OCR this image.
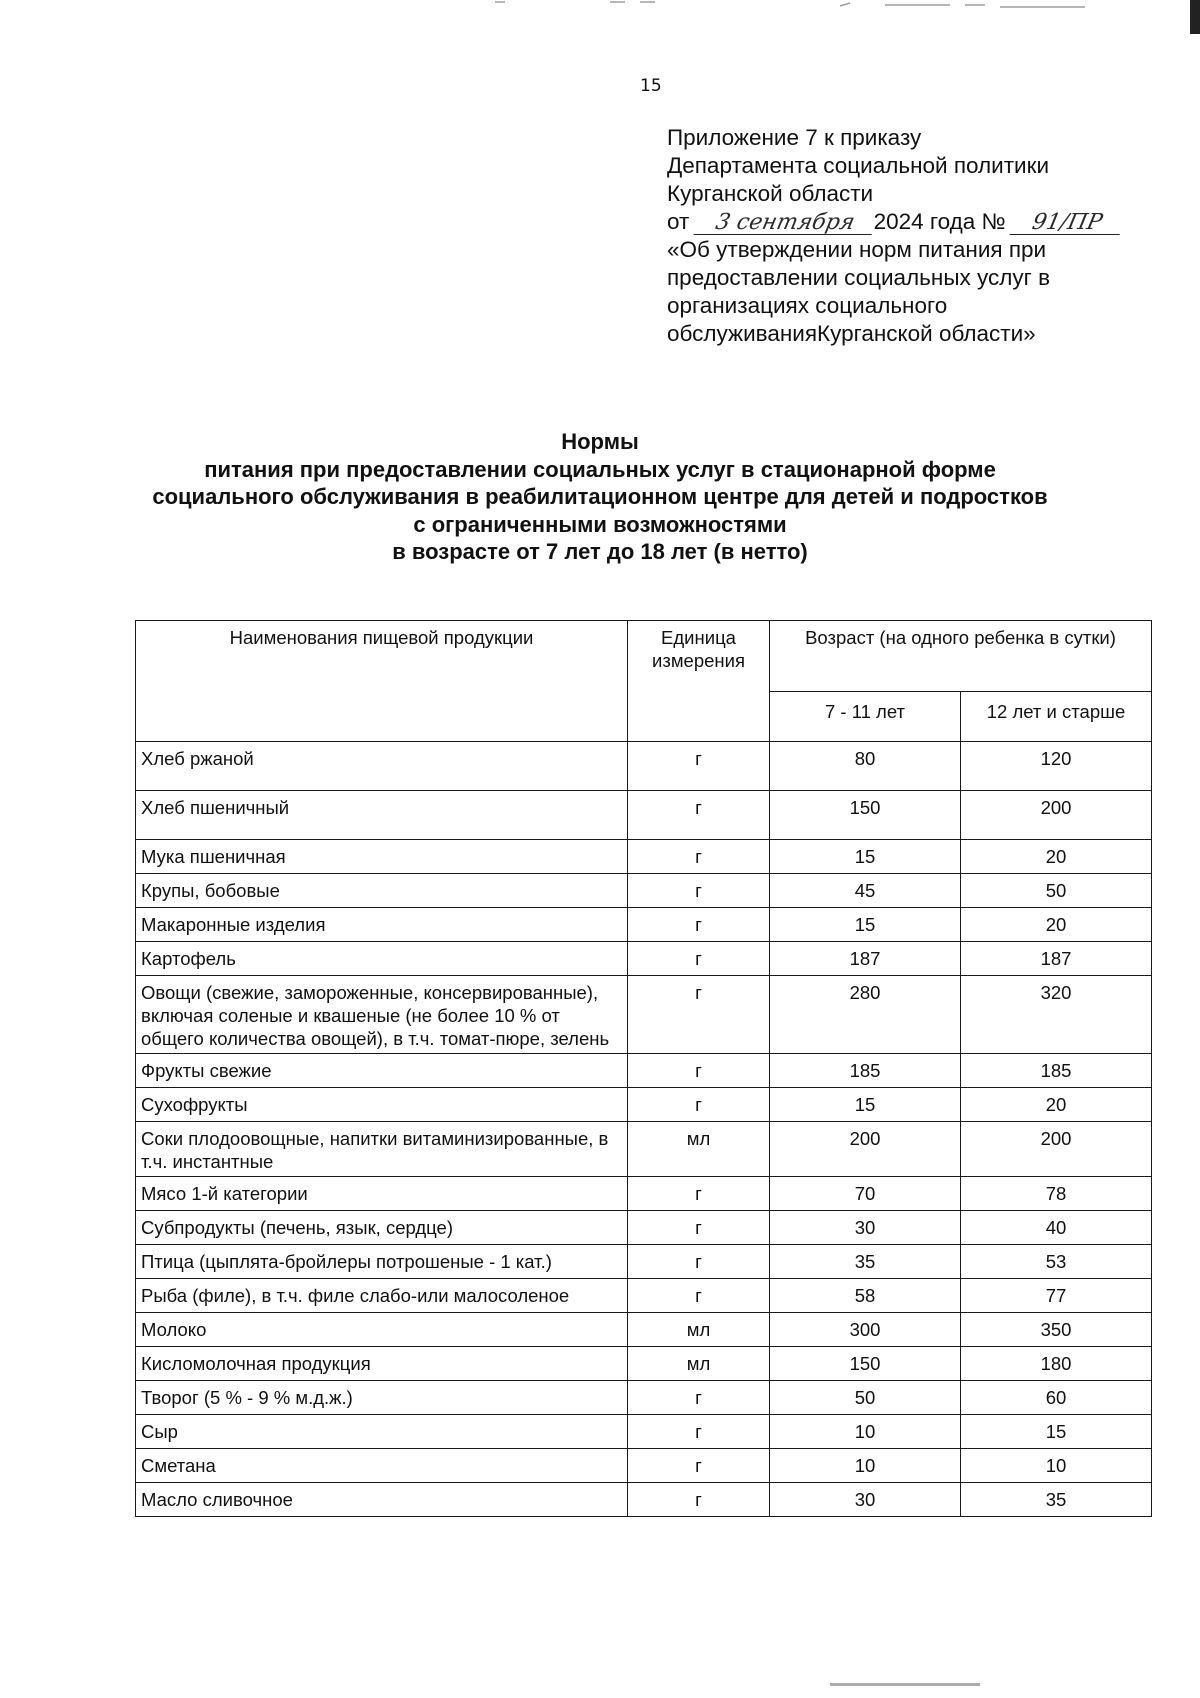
15
Приложение 7 к приказу
Департамента социальной политики
Курганской области
от 3 сентября 2024 года № 91/ПР
«Об утверждении норм питания при
предоставлении социальных услуг в
организациях социального
обслуживанияКурганской области»
Нормы
питания при предоставлении социальных услуг в стационарной форме
социального обслуживания в реабилитационном центре для детей и подростков
с ограниченными возможностями
в возрасте от 7 лет до 18 лет (в нетто)
Наименования пищевой продукции	Единица измерения	Возраст (на одного ребенка в сутки)	
		7 - 11 лет	12 лет и старше
Хлеб ржаной	г	80	120
Хлеб пшеничный	г	150	200
Мука пшеничная	г	15	20
Крупы, бобовые	г	45	50
Макаронные изделия	г	15	20
Картофель	г	187	187
Овощи (свежие, замороженные, консервированные), включая соленые и квашеные (не более 10 % от общего количества овощей), в т.ч. томат-пюре, зелень	г	280	320
Фрукты свежие	г	185	185
Сухофрукты	г	15	20
Соки плодоовощные, напитки витаминизированные, в т.ч. инстантные	мл	200	200
Мясо 1-й категории	г	70	78
Субпродукты (печень, язык, сердце)	г	30	40
Птица (цыплята-бройлеры потрошеные - 1 кат.)	г	35	53
Рыба (филе), в т.ч. филе слабо-или малосоленое	г	58	77
Молоко	мл	300	350
Кисломолочная продукция	мл	150	180
Творог (5 % - 9 % м.д.ж.)	г	50	60
Сыр	г	10	15
Сметана	г	10	10
Масло сливочное	г	30	35
